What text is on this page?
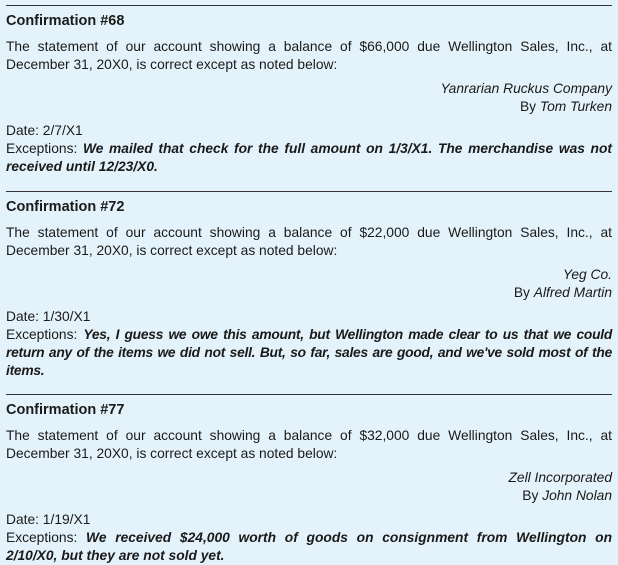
Confirmation #68
The statement of our account showing a balance of $66,000 due Wellington Sales, Inc., at December 31, 20X0, is correct except as noted below:
Yanrarian Ruckus Company
By Tom Turken
Date: 2/7/X1
Exceptions: We mailed that check for the full amount on 1/3/X1. The merchandise was not received until 12/23/X0.
Confirmation #72
The statement of our account showing a balance of $22,000 due Wellington Sales, Inc., at December 31, 20X0, is correct except as noted below:
Yeg Co.
By Alfred Martin
Date: 1/30/X1
Exceptions: Yes, I guess we owe this amount, but Wellington made clear to us that we could return any of the items we did not sell. But, so far, sales are good, and we've sold most of the items.
Confirmation #77
The statement of our account showing a balance of $32,000 due Wellington Sales, Inc., at December 31, 20X0, is correct except as noted below:
Zell Incorporated
By John Nolan
Date: 1/19/X1
Exceptions: We received $24,000 worth of goods on consignment from Wellington on 2/10/X0, but they are not sold yet.
